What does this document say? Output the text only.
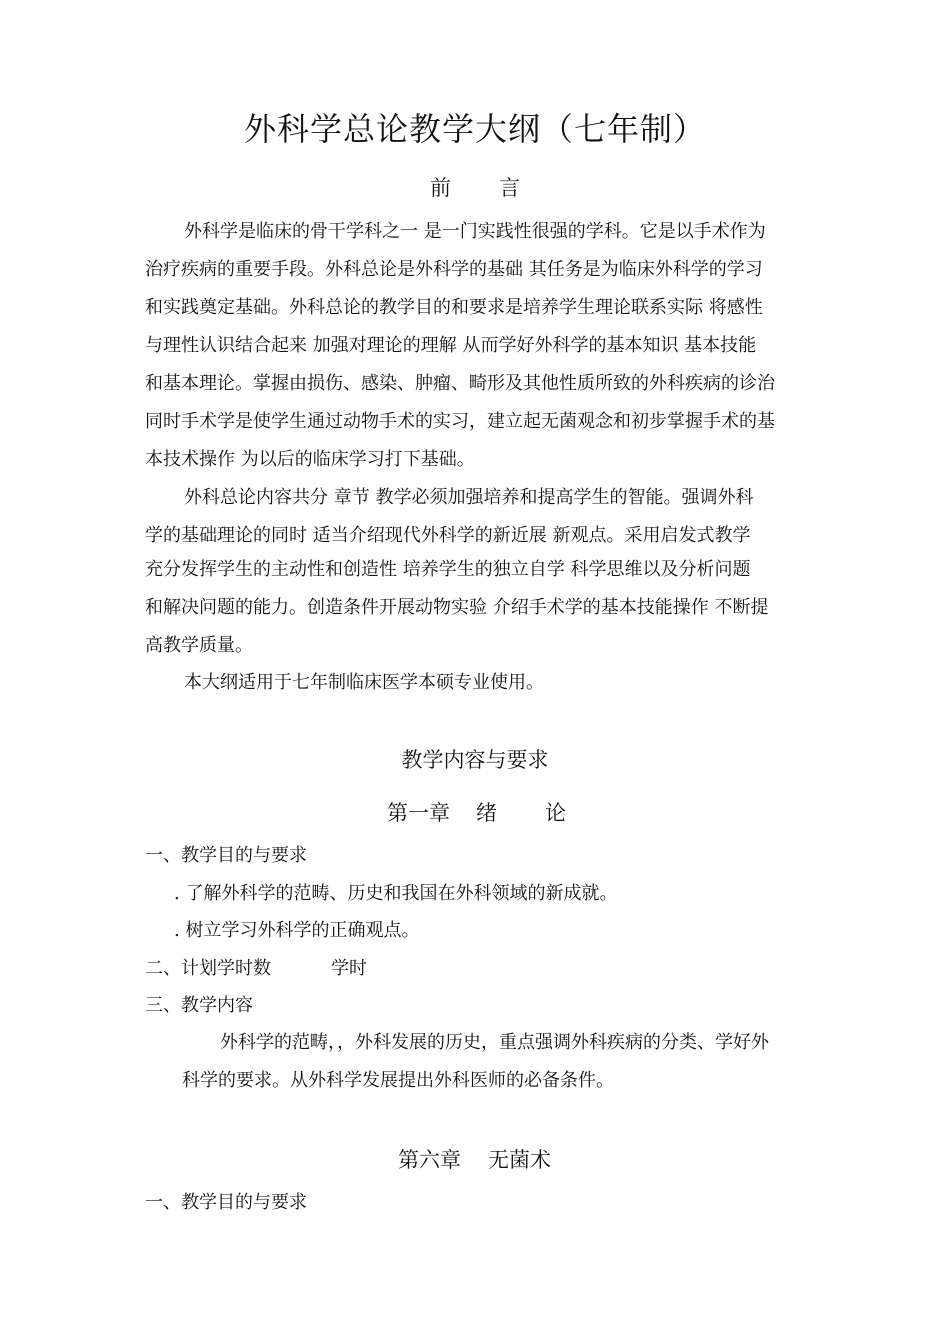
外科学总论教学大纲（七年制）
前 言
外科学是临床的骨干学科之一 是一门实践性很强的学科。它是以手术作为
治疗疾病的重要手段。外科总论是外科学的基础 其任务是为临床外科学的学习
和实践奠定基础。外科总论的教学目的和要求是培养学生理论联系实际 将感性
与理性认识结合起来 加强对理论的理解 从而学好外科学的基本知识 基本技能
和基本理论。掌握由损伤、感染、肿瘤、畸形及其他性质所致的外科疾病的诊治
同时手术学是使学生通过动物手术的实习，建立起无菌观念和初步掌握手术的基
本技术操作 为以后的临床学习打下基础。
外科总论内容共分 章节 教学必须加强培养和提高学生的智能。强调外科
学的基础理论的同时 适当介绍现代外科学的新近展 新观点。采用启发式教学
充分发挥学生的主动性和创造性 培养学生的独立自学 科学思维以及分析问题
和解决问题的能力。创造条件开展动物实验 介绍手术学的基本技能操作 不断提
高教学质量。
本大纲适用于七年制临床医学本硕专业使用。
教学内容与要求
第一章 绪 论
一、教学目的与要求
. 了解外科学的范畴、历史和我国在外科领域的新成就。
. 树立学习外科学的正确观点。
二、计划学时数	学时
三、教学内容
外科学的范畴，，外科发展的历史，重点强调外科疾病的分类、学好外
科学的要求。从外科学发展提出外科医师的必备条件。
第六章 无菌术
一、教学目的与要求
